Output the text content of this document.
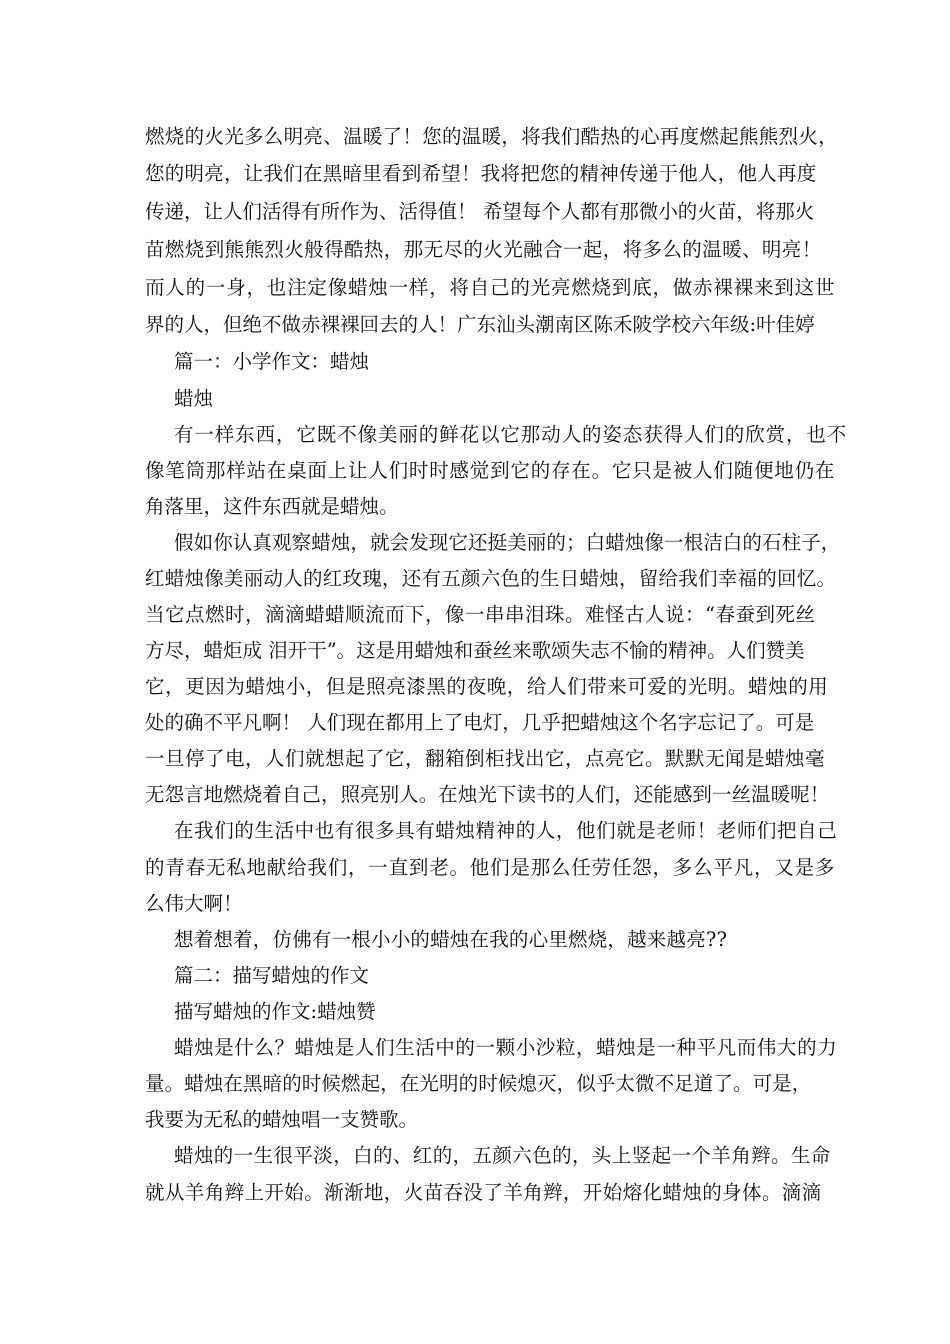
燃烧的火光多么明亮、温暖了！您的温暖，将我们酷热的心再度燃起熊熊烈火，

您的明亮，让我们在黑暗里看到希望！我将把您的精神传递于他人，他人再度

传递，让人们活得有所作为、活得值！ 希望每个人都有那微小的火苗，将那火

苗燃烧到熊熊烈火般得酷热，那无尽的火光融合一起，将多么的温暖、明亮！

而人的一身，也注定像蜡烛一样，将自己的光亮燃烧到底，做赤裸裸来到这世

界的人，但绝不做赤裸裸回去的人！广东汕头潮南区陈禾陂学校六年级:叶佳婷

篇一：小学作文：蜡烛

蜡烛

有一样东西，它既不像美丽的鲜花以它那动人的姿态获得人们的欣赏，也不

像笔筒那样站在桌面上让人们时时感觉到它的存在。它只是被人们随便地仍在

角落里，这件东西就是蜡烛。

假如你认真观察蜡烛，就会发现它还挺美丽的；白蜡烛像一根洁白的石柱子，

红蜡烛像美丽动人的红玫瑰，还有五颜六色的生日蜡烛，留给我们幸福的回忆。

当它点燃时，滴滴蜡蜡顺流而下，像一串串泪珠。难怪古人说：“春蚕到死丝

方尽，蜡炬成 泪开干”。这是用蜡烛和蚕丝来歌颂失志不愉的精神。人们赞美

它，更因为蜡烛小，但是照亮漆黑的夜晚，给人们带来可爱的光明。蜡烛的用

处的确不平凡啊！ 人们现在都用上了电灯，几乎把蜡烛这个名字忘记了。可是

一旦停了电，人们就想起了它，翻箱倒柜找出它，点亮它。默默无闻是蜡烛毫

无怨言地燃烧着自己，照亮别人。在烛光下读书的人们，还能感到一丝温暖呢！

在我们的生活中也有很多具有蜡烛精神的人，他们就是老师！老师们把自己

的青春无私地献给我们，一直到老。他们是那么任劳任怨，多么平凡，又是多

么伟大啊！

想着想着，仿佛有一根小小的蜡烛在我的心里燃烧，越来越亮??

篇二：描写蜡烛的作文

描写蜡烛的作文:蜡烛赞

蜡烛是什么？蜡烛是人们生活中的一颗小沙粒，蜡烛是一种平凡而伟大的力

量。蜡烛在黑暗的时候燃起，在光明的时候熄灭，似乎太微不足道了。可是，

我要为无私的蜡烛唱一支赞歌。

蜡烛的一生很平淡，白的、红的，五颜六色的，头上竖起一个羊角辫。生命

就从羊角辫上开始。渐渐地，火苗吞没了羊角辫，开始熔化蜡烛的身体。滴滴
